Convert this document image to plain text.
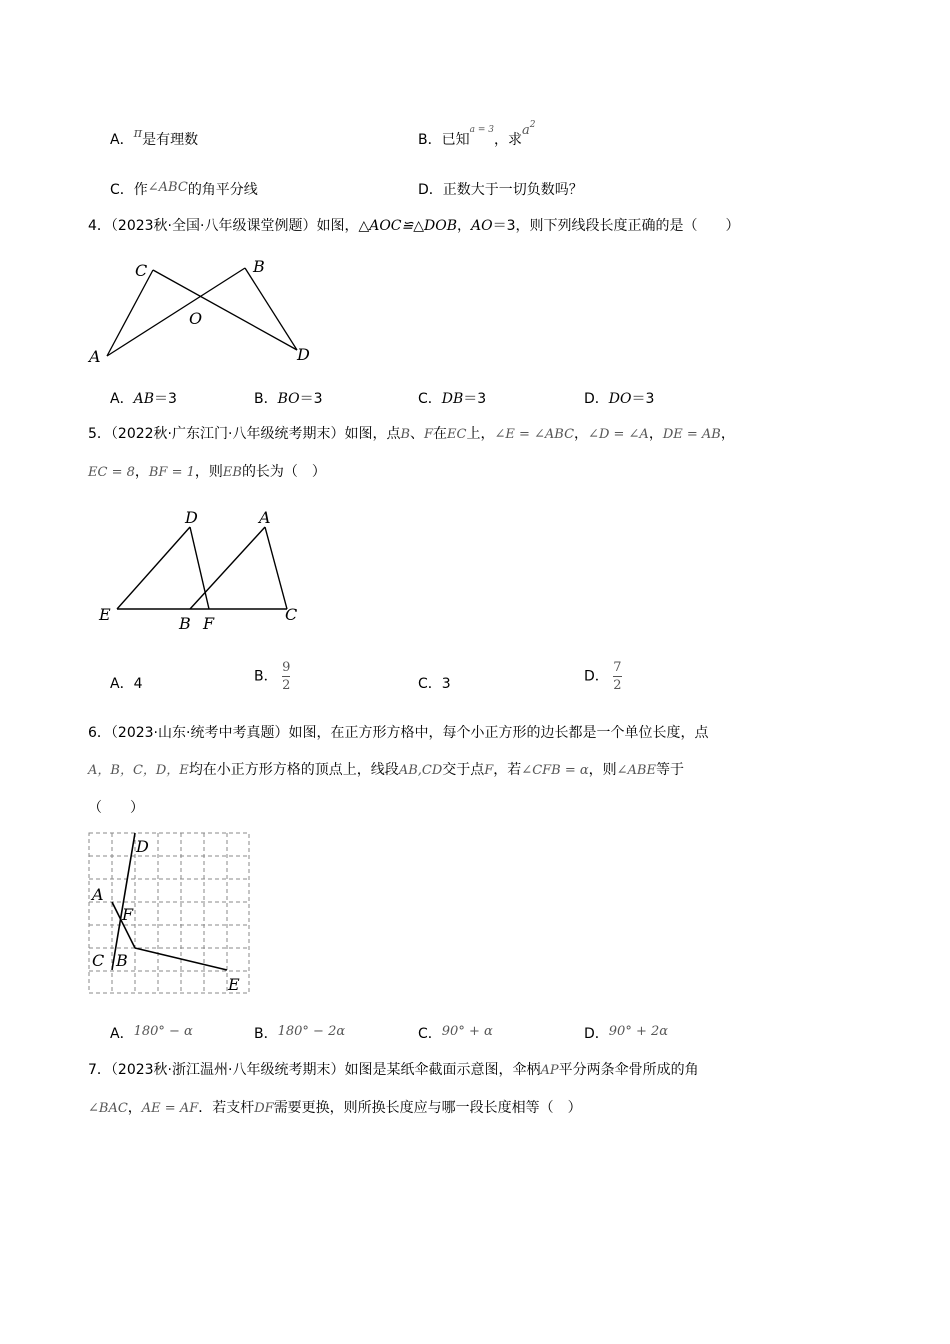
A．π是有理数	B．已知$^{a = 3}$，求$a^2$
C．作∠ABC的角平分线	D．正数大于一切负数吗？
4．（2023秋·全国·八年级课堂例题）如图，△AOC≌△DOB，AO＝3，则下列线段长度正确的是（　　）
C	B
O
A	D
A．AB＝3	B．BO＝3	C．DB＝3	D．DO＝3
5．（2022秋·广东江门·八年级统考期末）如图，点B、F在EC上，∠E = ∠ABC，∠D = ∠A，DE = AB，
EC = 8，BF = 1，则EB的长为（　）
D	A
E	B F	C
A．4	B． $\frac{9}{2}$	C．3	D． $\frac{7}{2}$
6．（2023·山东·统考中考真题）如图，在正方形方格中，每个小正方形的边长都是一个单位长度，点
A，B，C，D，E均在小正方形方格的顶点上，线段AB,CD交于点F，若∠CFB = α，则∠ABE等于
（　　）
D
A
F
C B
E
A．180° − α	B．180° − 2α	C．90° + α	D．90° + 2α
7．（2023秋·浙江温州·八年级统考期末）如图是某纸伞截面示意图，伞柄AP平分两条伞骨所成的角
∠BAC，AE = AF．若支杆DF需要更换，则所换长度应与哪一段长度相等（　）
